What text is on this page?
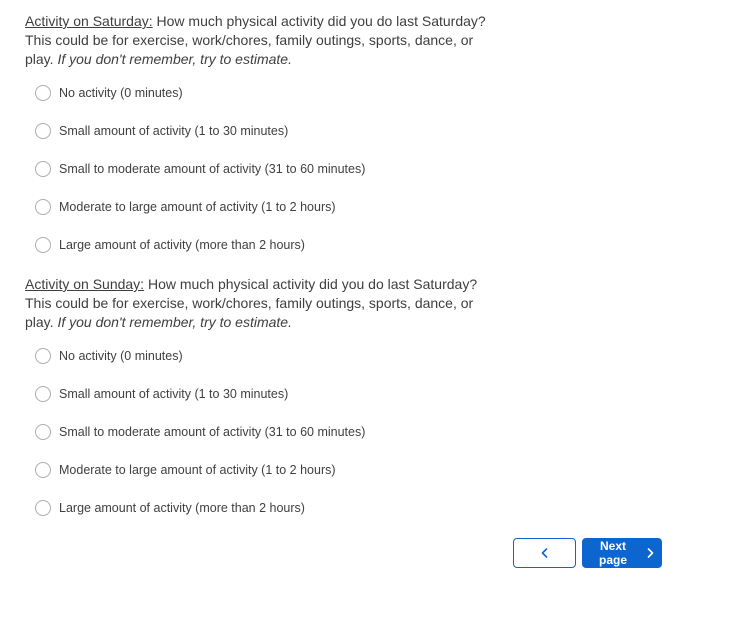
Activity on Saturday: How much physical activity did you do last Saturday? This could be for exercise, work/chores, family outings, sports, dance, or play. If you don't remember, try to estimate.

No activity (0 minutes)
Small amount of activity (1 to 30 minutes)
Small to moderate amount of activity (31 to 60 minutes)
Moderate to large amount of activity (1 to 2 hours)
Large amount of activity (more than 2 hours)

Activity on Sunday: How much physical activity did you do last Saturday? This could be for exercise, work/chores, family outings, sports, dance, or play. If you don't remember, try to estimate.

No activity (0 minutes)
Small amount of activity (1 to 30 minutes)
Small to moderate amount of activity (31 to 60 minutes)
Moderate to large amount of activity (1 to 2 hours)
Large amount of activity (more than 2 hours)
Next page
